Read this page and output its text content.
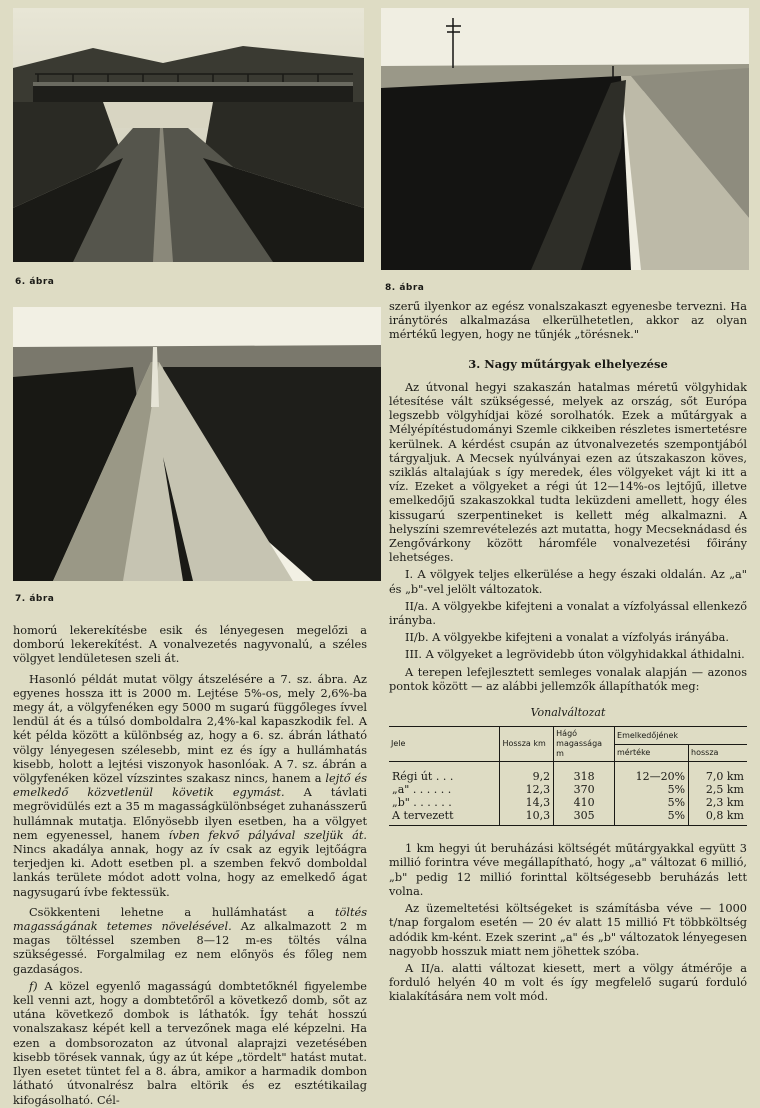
6. ábra
8. ábra
7. ábra

homorú lekerekítésbe esik és lényegesen megelőzi a domború lekerekítést. A vonalvezetés nagyvonalú, a széles völgyet lendületesen szeli át.

Hasonló példát mutat völgy átszelésére a 7. sz. ábra. Az egyenes hossza itt is 2000 m. Lejtése 5%-os, mely 2,6%-ba megy át, a völgyfenéken egy 5000 m sugarú függőleges ívvel lendül át és a túlsó domboldalra 2,4%-kal kapaszkodik fel. A két példa között a különbség az, hogy a 6. sz. ábrán látható völgy lényegesen szélesebb, mint ez és így a hullámhatás kisebb, holott a lejtési viszonyok hasonlóak. A 7. sz. ábrán a völgyfenéken közel vízszintes szakasz nincs, hanem a lejtő és emelkedő közvetlenül követik egymást. A távlati megrövidülés ezt a 35 m magasságkülönbséget zuhanásszerű hullámnak mutatja. Előnyösebb ilyen esetben, ha a völgyet nem egyenessel, hanem ívben fekvő pályával szeljük át. Nincs akadálya annak, hogy az ív csak az egyik lejtőágra terjedjen ki. Adott esetben pl. a szemben fekvő domboldal lankás területe módot adott volna, hogy az emelkedő ágat nagysugarú ívbe fektessük.

Csökkenteni lehetne a hullámhatást a töltés magasságának tetemes növelésével. Az alkalmazott 2 m magas töltéssel szemben 8—12 m-es töltés válna szükségessé. Forgalmilag ez nem előnyös és főleg nem gazdaságos.

f) A közel egyenlő magasságú dombtetőknél figyelembe kell venni azt, hogy a dombtetőről a következő domb, sőt az utána következő dombok is láthatók. Így tehát hosszú vonalszakasz képét kell a tervezőnek maga elé képzelni. Ha ezen a dombsorozaton az útvonal alaprajzi vezetésében kisebb törések vannak, úgy az út képe „tördelt" hatást mutat. Ilyen esetet tüntet fel a 8. ábra, amikor a harmadik dombon látható útvonalrész balra eltörik és ez esztétikailag kifogásolható. Cél-

szerű ilyenkor az egész vonalszakaszt egyenesbe tervezni. Ha iránytörés alkalmazása elkerülhetetlen, akkor az olyan mértékű legyen, hogy ne tűnjék „törésnek."

3. Nagy műtárgyak elhelyezése

Az útvonal hegyi szakaszán hatalmas méretű völgyhidak létesítése vált szükségessé, melyek az ország, sőt Európa legszebb völgyhídjai közé sorolhatók. Ezek a műtárgyak a Mélyépítéstudományi Szemle cikkeiben részletes ismertetésre kerülnek. A kérdést csupán az útvonalvezetés szempontjából tárgyaljuk. A Mecsek nyúlványai ezen az útszakaszon köves, sziklás altalajúak s így meredek, éles völgyeket vájt ki itt a víz. Ezeket a völgyeket a régi út 12—14%-os lejtőjű, illetve emelkedőjű szakaszokkal tudta leküzdeni amellett, hogy éles kissugarú szerpentineket is kellett még alkalmazni. A helyszíni szemrevételezés azt mutatta, hogy Mecseknádasd és Zengővárkony között háromféle vonalvezetési főirány lehetséges.

I. A völgyek teljes elkerülése a hegy északi oldalán. Az „a" és „b"-vel jelölt változatok.

II/a. A völgyekbe kifejteni a vonalat a vízfolyással ellenkező irányba.

II/b. A völgyekbe kifejteni a vonalat a vízfolyás irányába.

III. A völgyeket a legrövidebb úton völgyhidakkal áthidalni.

A terepen lefejlesztett semleges vonalak alapján — azonos pontok között — az alábbi jellemzők állapíthatók meg:

Vonalváltozat
Jele	Hossza km	Hágó magassága m	Emelkedőjének	
			mértéke	hossza
Régi út . . .	9,2	318	12—20%	7,0 km
„a" . . . . . .	12,3	370	5%	2,5 km
„b" . . . . . .	14,3	410	5%	2,3 km
A tervezett	10,3	305	5%	0,8 km

1 km hegyi út beruházási költségét műtárgyakkal együtt 3 millió forintra véve megállapítható, hogy „a" változat 6 millió, „b" pedig 12 millió forinttal költségesebb beruházás lett volna.

Az üzemeltetési költségeket is számításba véve — 1000 t/nap forgalom esetén — 20 év alatt 15 millió Ft többköltség adódik km-ként. Ezek szerint „a" és „b" változatok lényegesen nagyobb hosszuk miatt nem jöhettek szóba.

A II/a. alatti változat kiesett, mert a völgy átmérője a forduló helyén 40 m volt és így megfelelő sugarú forduló kialakítására nem volt mód.
